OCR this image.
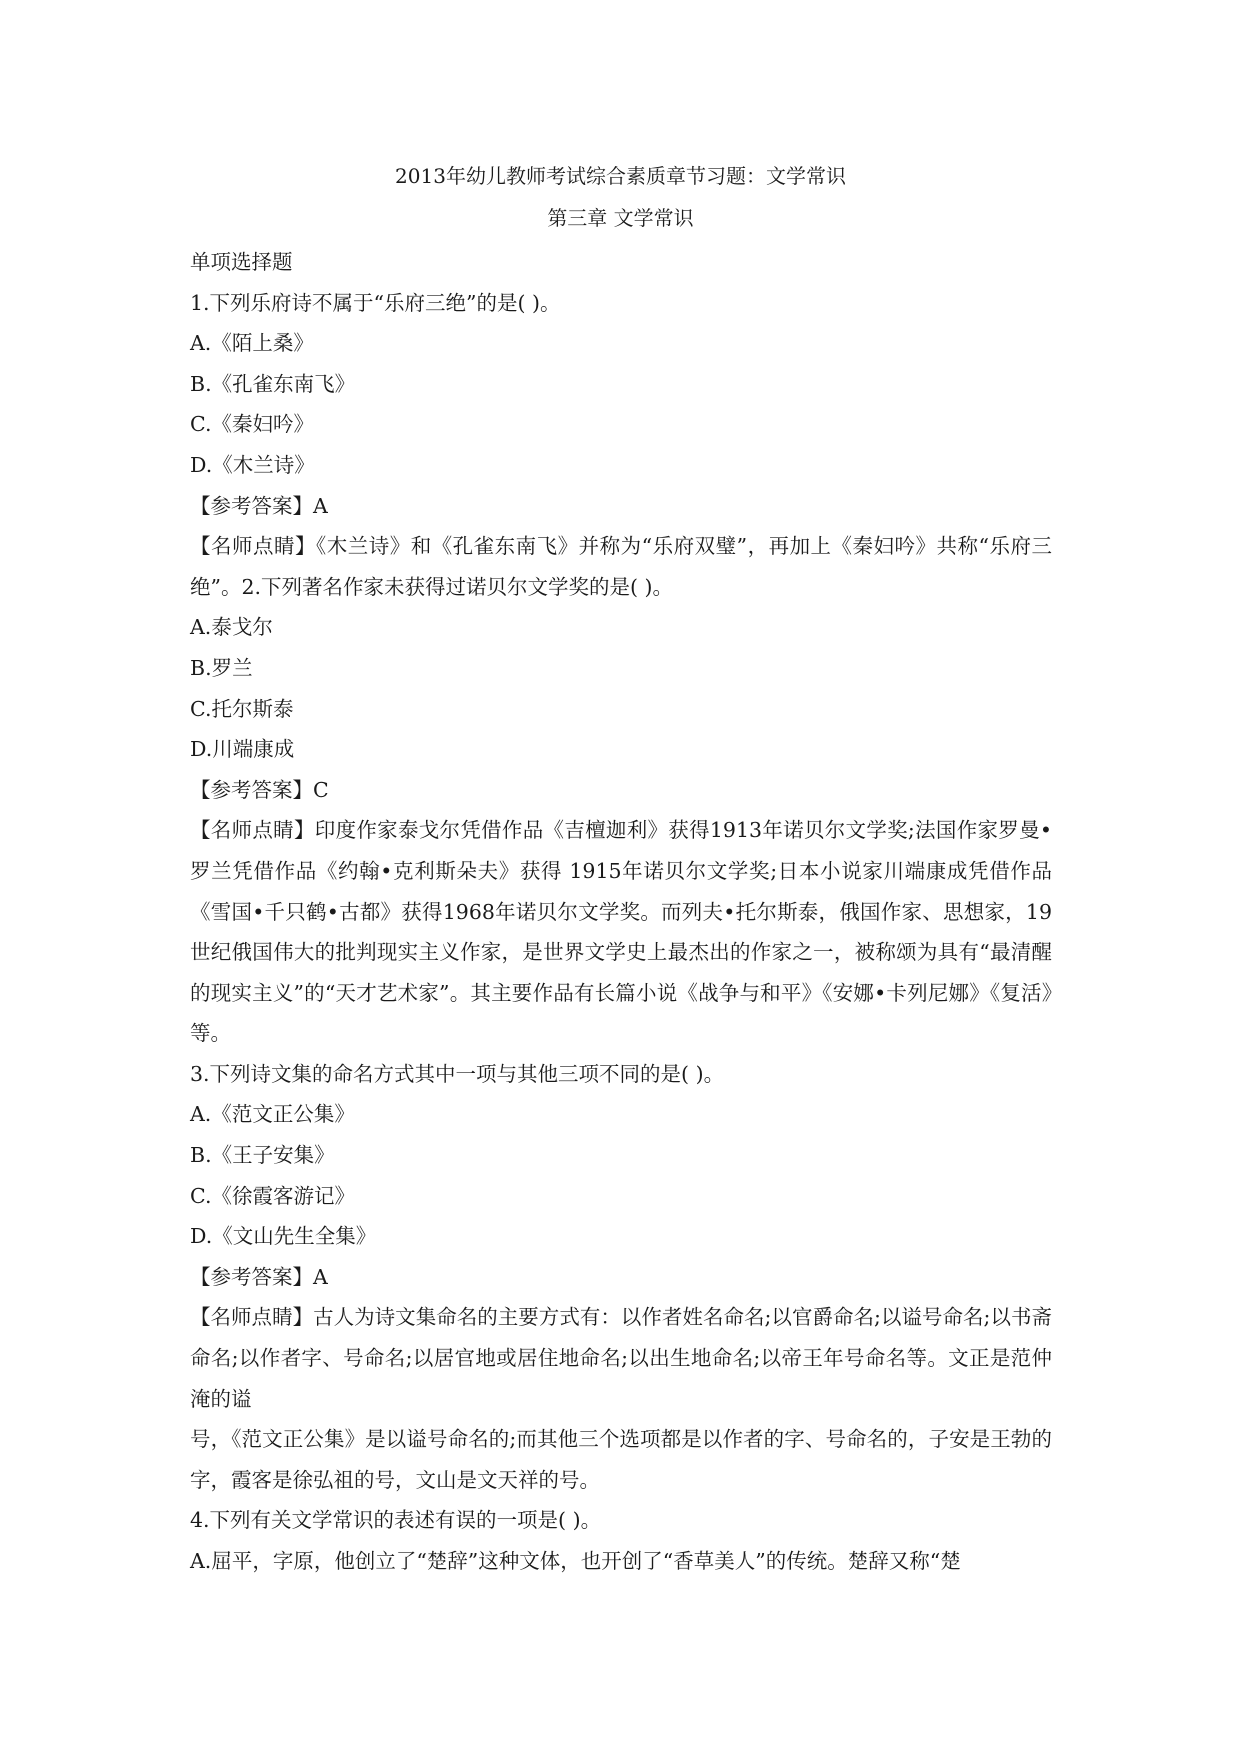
2013年幼儿教师考试综合素质章节习题：文学常识

第三章 文学常识

单项选择题

1.下列乐府诗不属于“乐府三绝”的是( )。

A.《陌上桑》

B.《孔雀东南飞》

C.《秦妇吟》

D.《木兰诗》

【参考答案】A

【名师点睛】《木兰诗》和《孔雀东南飞》并称为“乐府双璧”，再加上《秦妇吟》共称“乐府三绝”。2.下列著名作家未获得过诺贝尔文学奖的是( )。

A.泰戈尔

B.罗兰

C.托尔斯泰

D.川端康成

【参考答案】C

【名师点睛】印度作家泰戈尔凭借作品《吉檀迦利》获得1913年诺贝尔文学奖;法国作家罗曼•罗兰凭借作品《约翰•克利斯朵夫》获得 1915年诺贝尔文学奖;日本小说家川端康成凭借作品《雪国•千只鹤•古都》获得1968年诺贝尔文学奖。而列夫•托尔斯泰，俄国作家、思想家，19世纪俄国伟大的批判现实主义作家，是世界文学史上最杰出的作家之一，被称颂为具有“最清醒的现实主义”的“天才艺术家”。其主要作品有长篇小说《战争与和平》《安娜•卡列尼娜》《复活》等。

3.下列诗文集的命名方式其中一项与其他三项不同的是( )。

A.《范文正公集》

B.《王子安集》

C.《徐霞客游记》

D.《文山先生全集》

【参考答案】A

【名师点睛】古人为诗文集命名的主要方式有：以作者姓名命名;以官爵命名;以谥号命名;以书斋命名;以作者字、号命名;以居官地或居住地命名;以出生地命名;以帝王年号命名等。文正是范仲淹的谥

号，《范文正公集》是以谥号命名的;而其他三个选项都是以作者的字、号命名的，子安是王勃的字，霞客是徐弘祖的号，文山是文天祥的号。

4.下列有关文学常识的表述有误的一项是( )。

A.屈平，字原，他创立了“楚辞”这种文体，也开创了“香草美人”的传统。楚辞又称“楚
